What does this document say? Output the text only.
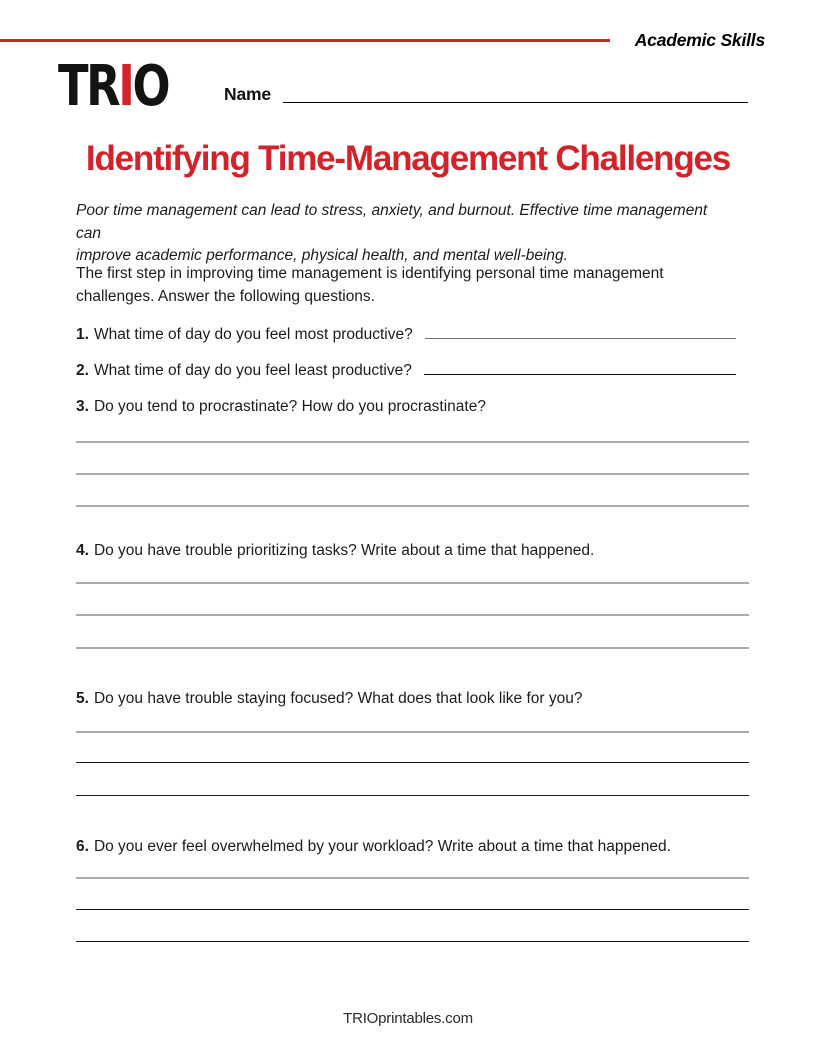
Academic Skills
TRIO	Name
Identifying Time-Management Challenges
Poor time management can lead to stress, anxiety, and burnout. Effective time management can
improve academic performance, physical health, and mental well-being.
The first step in improving time management is identifying personal time management
challenges. Answer the following questions.
1. What time of day do you feel most productive?
2. What time of day do you feel least productive?
3. Do you tend to procrastinate? How do you procrastinate?
4. Do you have trouble prioritizing tasks? Write about a time that happened.
5. Do you have trouble staying focused? What does that look like for you?
6. Do you ever feel overwhelmed by your workload? Write about a time that happened.
TRIOprintables.com
